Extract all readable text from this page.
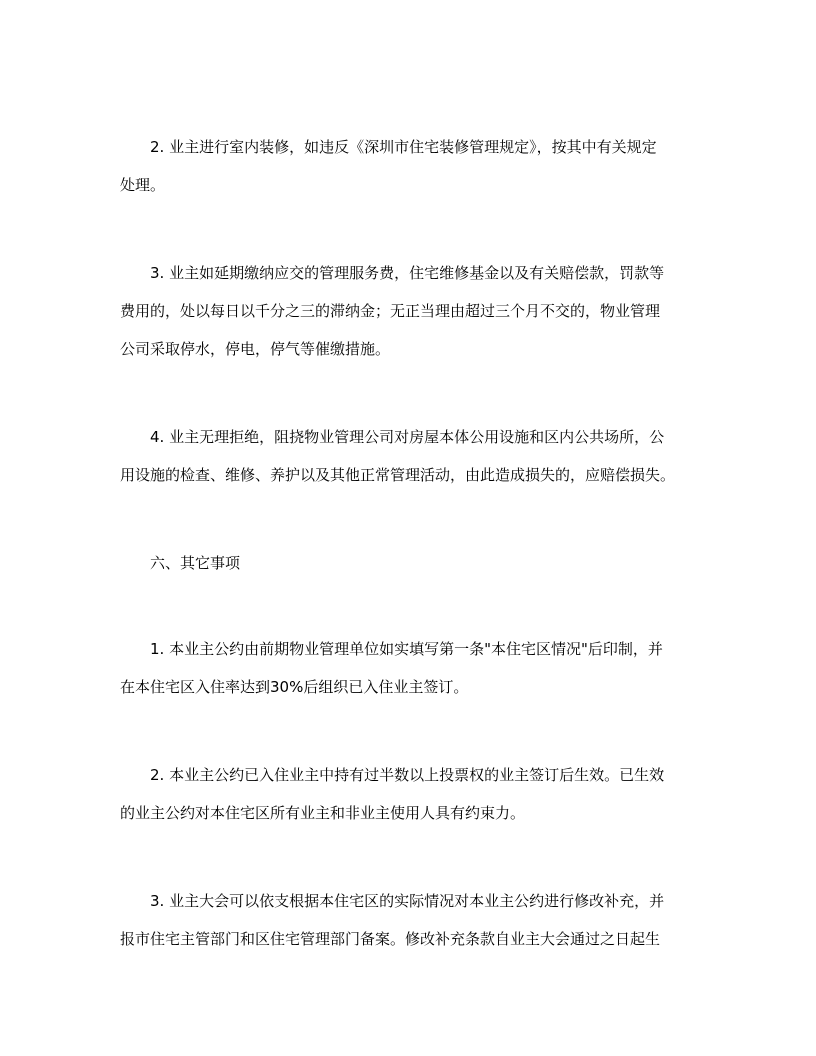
2. 业主进行室内装修，如违反《深圳市住宅装修管理规定》，按其中有关规定
处理。
3. 业主如延期缴纳应交的管理服务费，住宅维修基金以及有关赔偿款，罚款等
费用的，处以每日以千分之三的滞纳金；无正当理由超过三个月不交的，物业管理
公司采取停水，停电，停气等催缴措施。
4. 业主无理拒绝，阻挠物业管理公司对房屋本体公用设施和区内公共场所，公
用设施的检查、维修、养护以及其他正常管理活动，由此造成损失的，应赔偿损失。
六、其它事项
1. 本业主公约由前期物业管理单位如实填写第一条"本住宅区情况"后印制，并
在本住宅区入住率达到30%后组织已入住业主签订。
2. 本业主公约已入住业主中持有过半数以上投票权的业主签订后生效。已生效
的业主公约对本住宅区所有业主和非业主使用人具有约束力。
3. 业主大会可以依支根据本住宅区的实际情况对本业主公约进行修改补充，并
报市住宅主管部门和区住宅管理部门备案。修改补充条款自业主大会通过之日起生
